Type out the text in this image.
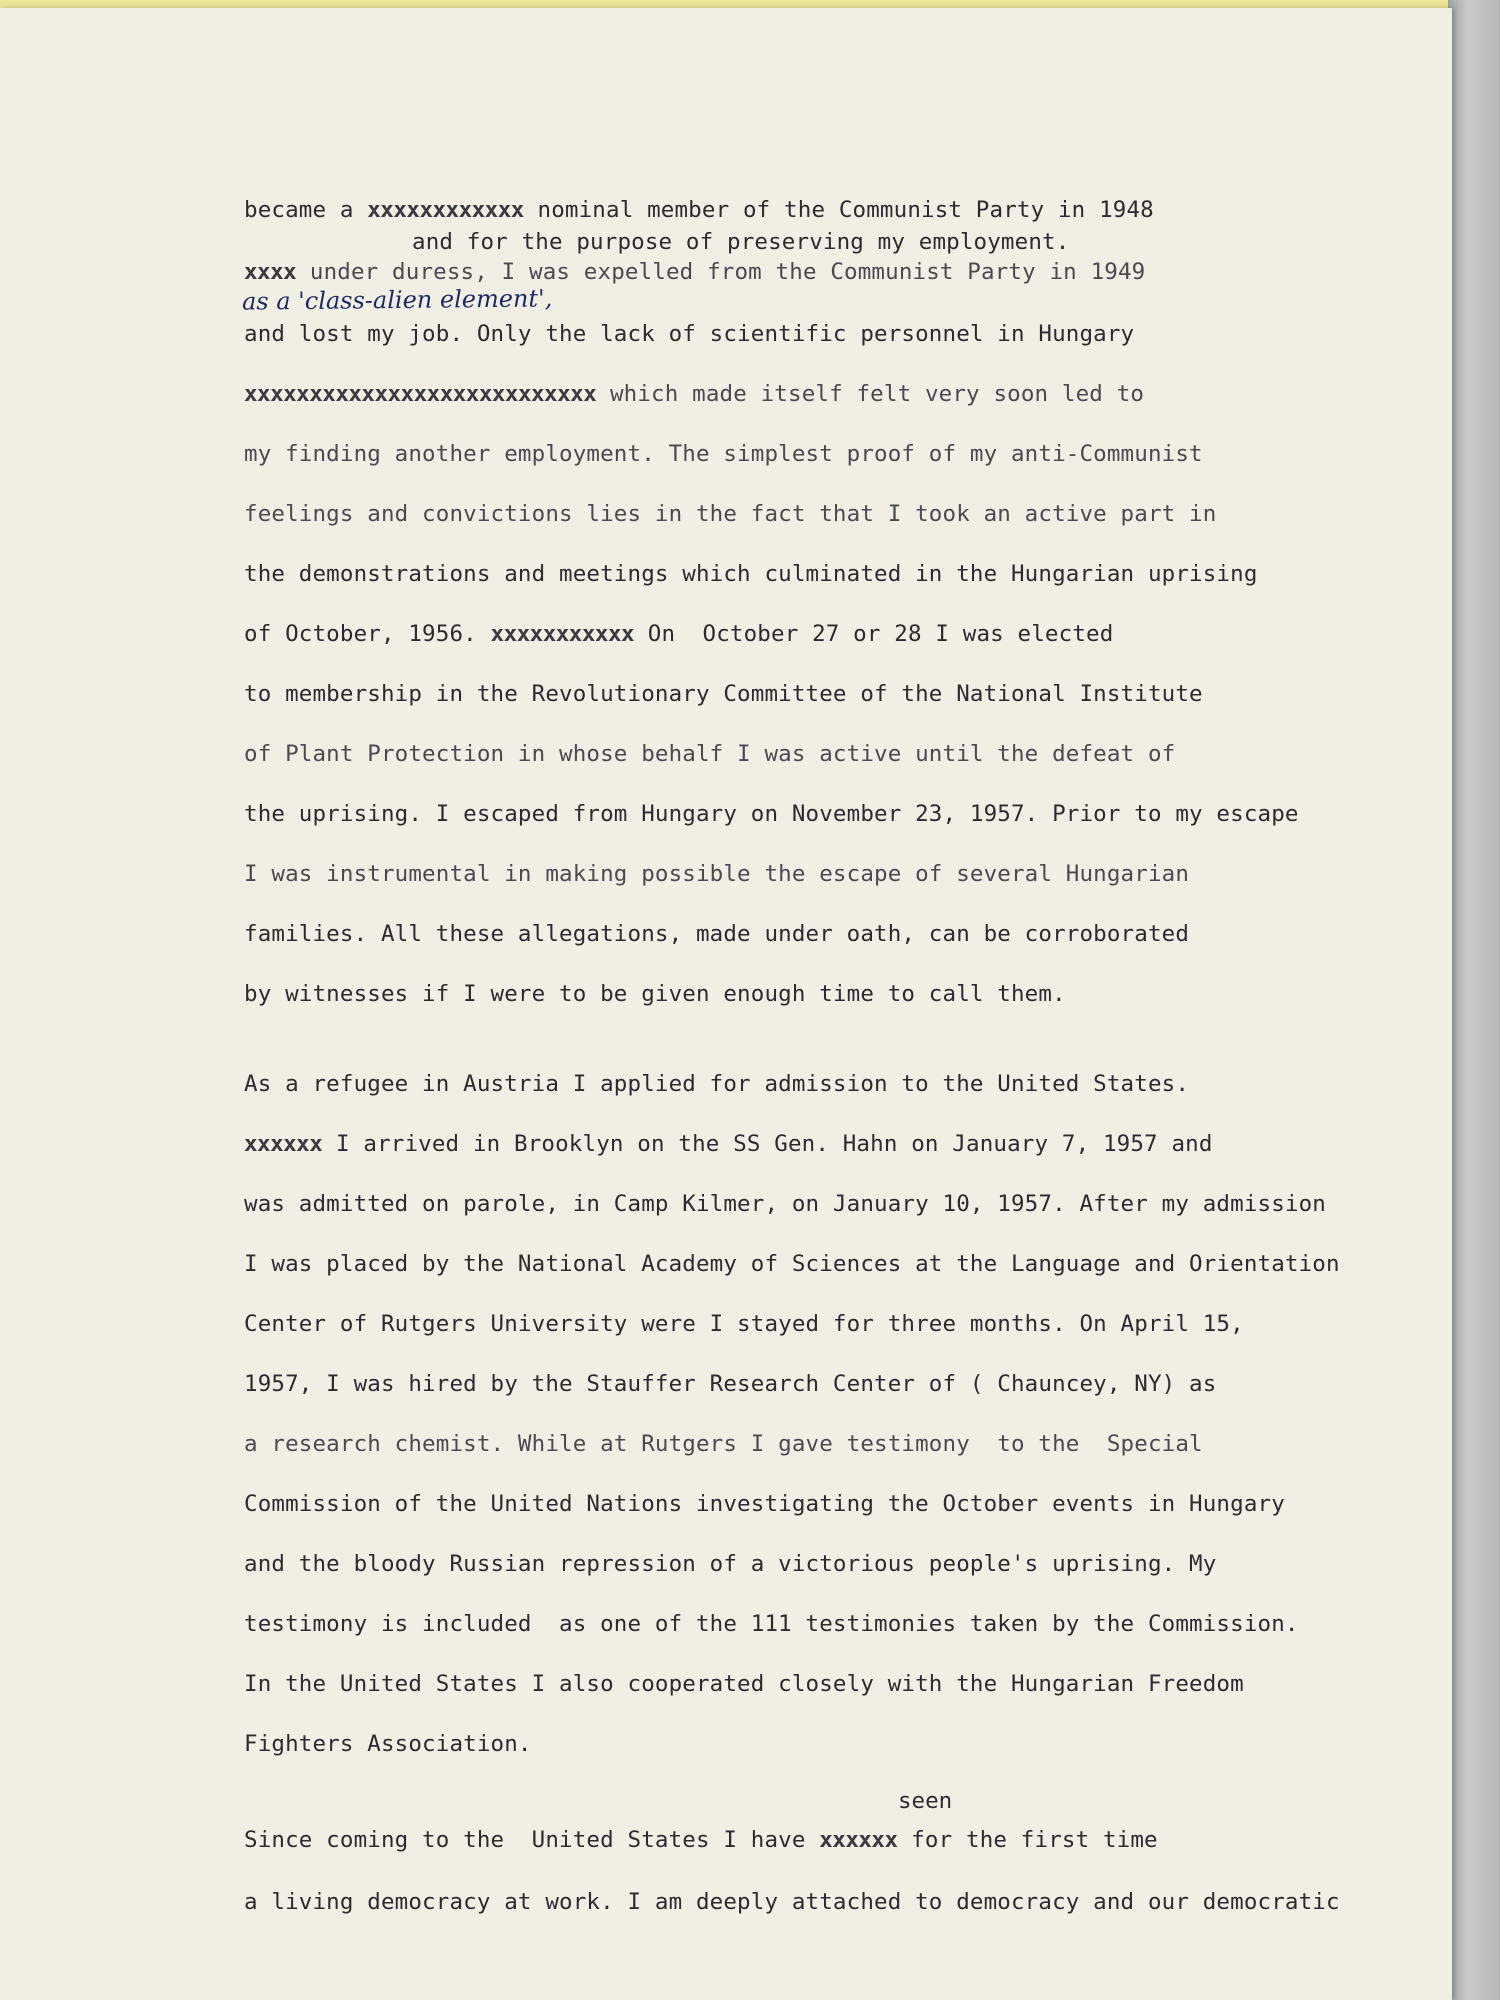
became a xxxxxxxxxxxx nominal member of the Communist Party in 1948
and for the purpose of preserving my employment.
xxxx under duress, I was expelled from the Communist Party in 1949
as a 'class-alien element',
and lost my job. Only the lack of scientific personnel in Hungary
xxxxxxxxxxxxxxxxxxxxxxxxxxx which made itself felt very soon led to
my finding another employment. The simplest proof of my anti-Communist
feelings and convictions lies in the fact that I took an active part in
the demonstrations and meetings which culminated in the Hungarian uprising
of October, 1956. xxxxxxxxxxx On  October 27 or 28 I was elected
to membership in the Revolutionary Committee of the National Institute
of Plant Protection in whose behalf I was active until the defeat of
the uprising. I escaped from Hungary on November 23, 1957. Prior to my escape
I was instrumental in making possible the escape of several Hungarian
families. All these allegations, made under oath, can be corroborated
by witnesses if I were to be given enough time to call them.
As a refugee in Austria I applied for admission to the United States.
xxxxxx I arrived in Brooklyn on the SS Gen. Hahn on January 7, 1957 and
was admitted on parole, in Camp Kilmer, on January 10, 1957. After my admission
I was placed by the National Academy of Sciences at the Language and Orientation
Center of Rutgers University were I stayed for three months. On April 15,
1957, I was hired by the Stauffer Research Center of ( Chauncey, NY) as
a research chemist. While at Rutgers I gave testimony  to the  Special
Commission of the United Nations investigating the October events in Hungary
and the bloody Russian repression of a victorious people's uprising. My
testimony is included  as one of the 111 testimonies taken by the Commission.
In the United States I also cooperated closely with the Hungarian Freedom
Fighters Association.
seen
Since coming to the  United States I have xxxxxx for the first time
a living democracy at work. I am deeply attached to democracy and our democratic
